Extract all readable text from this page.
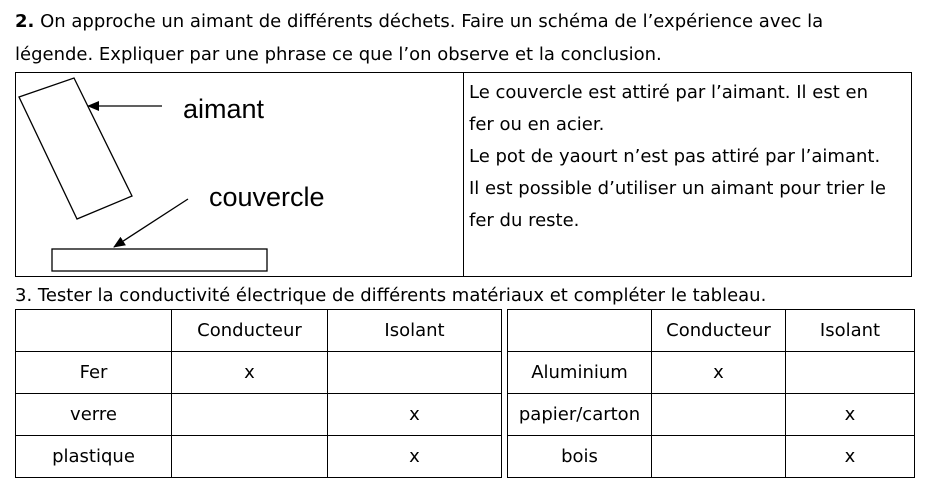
2. On approche un aimant de différents déchets. Faire un schéma de l’expérience avec la
légende. Expliquer par une phrase ce que l’on observe et la conclusion.
aimant
couvercle
Le couvercle est attiré par l’aimant. Il est en
fer ou en acier.
Le pot de yaourt n’est pas attiré par l’aimant.
Il est possible d’utiliser un aimant pour trier le
fer du reste.
3. Tester la conductivité électrique de différents matériaux et compléter le tableau.
	Conducteur	Isolant			Conducteur	Isolant
Fer	x			Aluminium	x	
verre		x		papier/carton		x
plastique		x		bois		x
